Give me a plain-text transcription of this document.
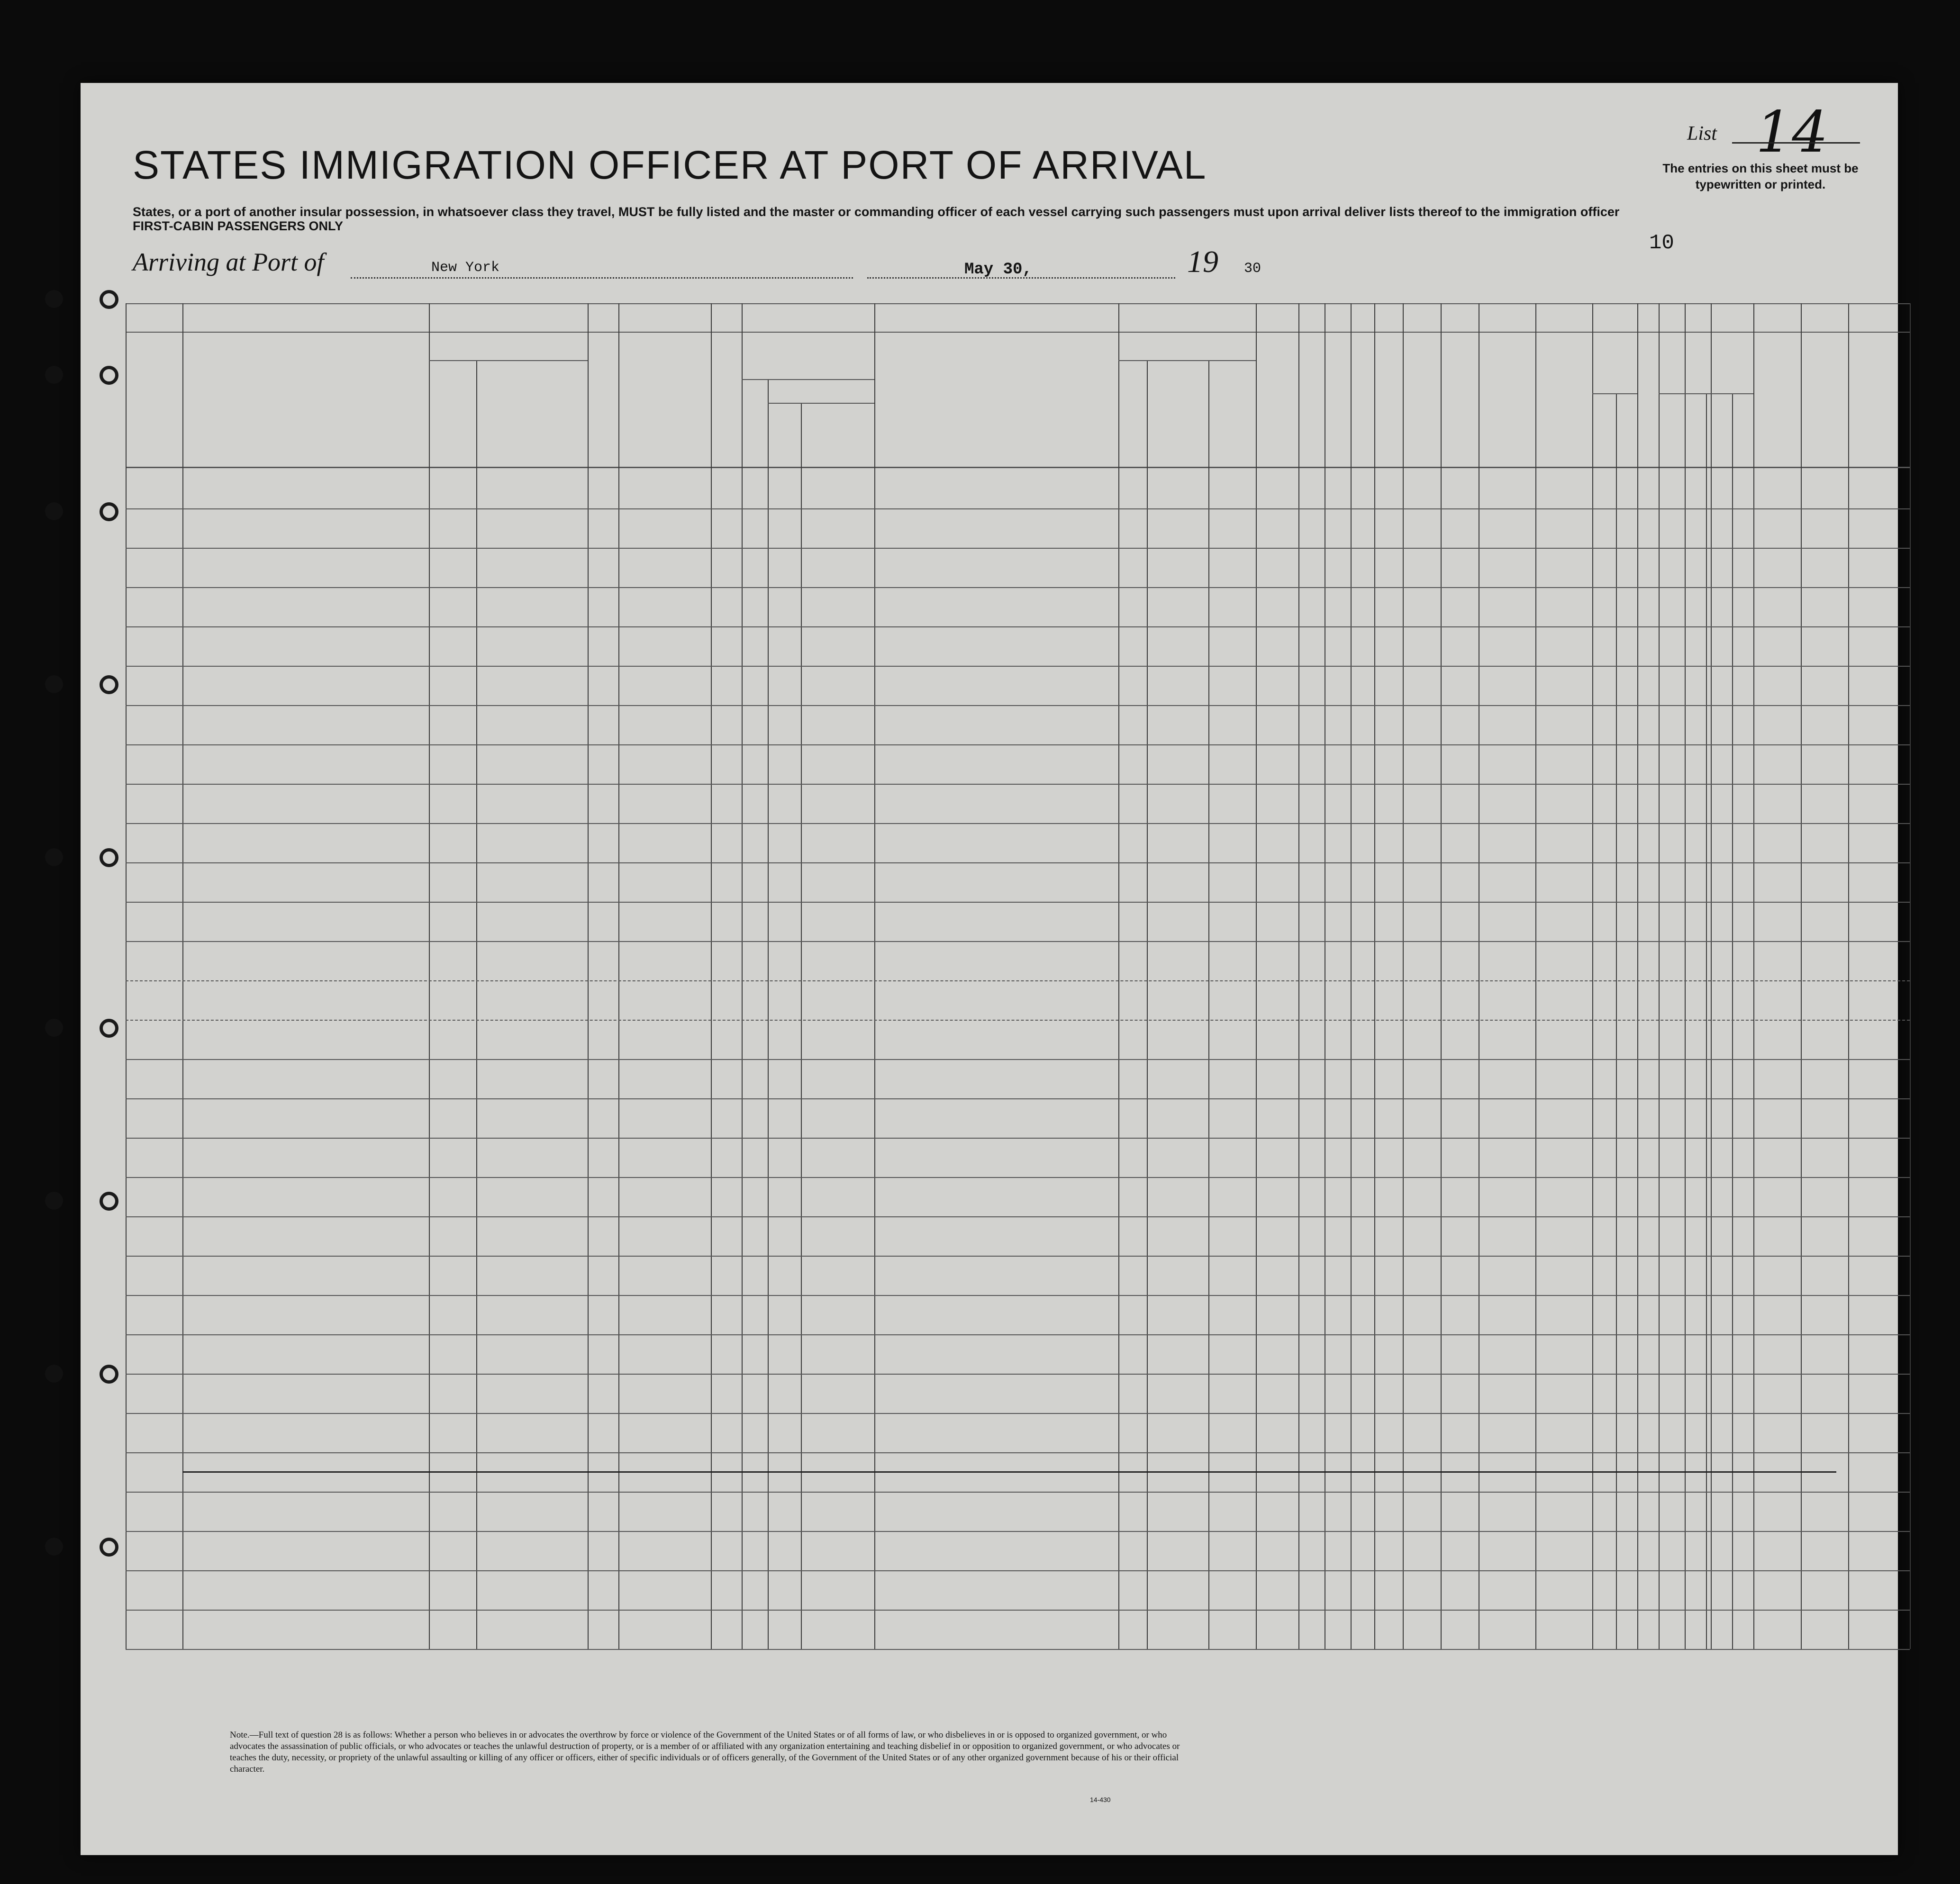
List 14
The entries on this sheet must be typewritten or printed.
10
STATES IMMIGRATION OFFICER AT PORT OF ARRIVAL
States, or a port of another insular possession, in whatsoever class they travel, MUST be fully listed and the master or commanding officer of each vessel carrying such passengers must upon arrival deliver lists thereof to the immigration officer
FIRST-CABIN PASSENGERS ONLY
Arriving at Port of	New York	May 30,	19 30
Note.—Full text of question 28 is as follows: Whether a person who believes in or advocates the overthrow by force or violence of the Government of the United States or of all forms of law, or who disbelieves in or is opposed to organized government, or who advocates the assassination of public officials, or who advocates or teaches the unlawful destruction of property, or is a member of or affiliated with any organization entertaining and teaching disbelief in or opposition to organized government, or who advocates or teaches the duty, necessity, or propriety of the unlawful assaulting or killing of any officer or officers, either of specific individuals or of officers generally, of the Government of the United States or of any other organized government because of his or their official character.
14-430
